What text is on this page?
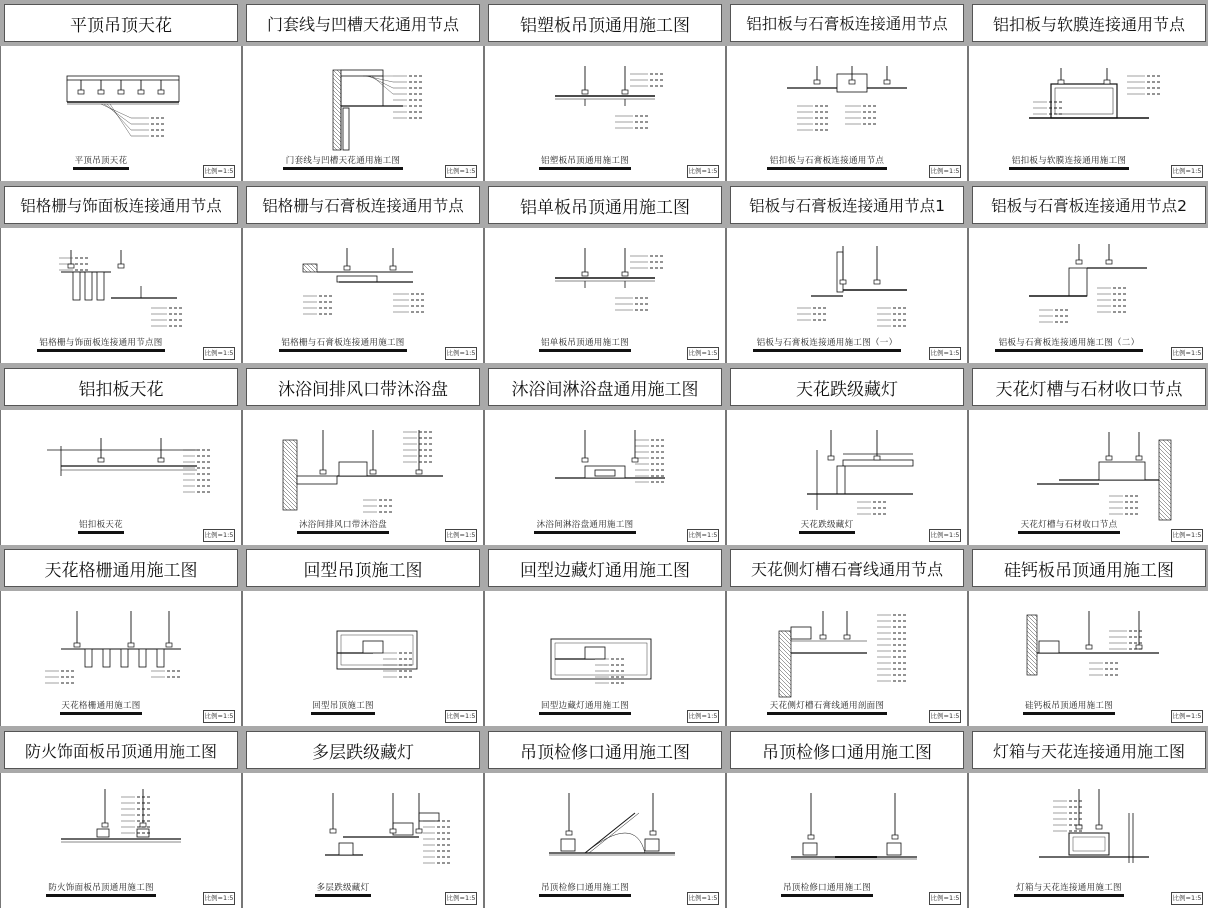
平顶吊顶天花
平顶吊顶天花
比例=1:5
门套线与凹槽天花通用节点
门套线与凹槽天花通用施工图
比例=1:5
铝塑板吊顶通用施工图
铝塑板吊顶通用施工图
比例=1:5
铝扣板与石膏板连接通用节点
铝扣板与石膏板连接通用节点
比例=1:5
铝扣板与软膜连接通用节点
铝扣板与软膜连接通用施工图
比例=1:5
铝格栅与饰面板连接通用节点
铝格栅与饰面板连接通用节点图
比例=1:5
铝格栅与石膏板连接通用节点
铝格栅与石膏板连接通用施工图
比例=1:5
铝单板吊顶通用施工图
铝单板吊顶通用施工图
比例=1:5
铝板与石膏板连接通用节点1
铝板与石膏板连接通用施工图（一）
比例=1:5
铝板与石膏板连接通用节点2
铝板与石膏板连接通用施工图（二）
比例=1:5
铝扣板天花
铝扣板天花
比例=1:5
沐浴间排风口带沐浴盘
沐浴间排风口带沐浴盘
比例=1:5
沐浴间淋浴盘通用施工图
沐浴间淋浴盘通用施工图
比例=1:5
天花跌级藏灯
天花跌级藏灯
比例=1:5
天花灯槽与石材收口节点
天花灯槽与石材收口节点
比例=1:5
天花格栅通用施工图
天花格栅通用施工图
比例=1:5
回型吊顶施工图
回型吊顶施工图
比例=1:5
回型边藏灯通用施工图
回型边藏灯通用施工图
比例=1:5
天花侧灯槽石膏线通用节点
天花侧灯槽石膏线通用剖面图
比例=1:5
硅钙板吊顶通用施工图
硅钙板吊顶通用施工图
比例=1:5
防火饰面板吊顶通用施工图
防火饰面板吊顶通用施工图
比例=1:5
多层跌级藏灯
多层跌级藏灯
比例=1:5
吊顶检修口通用施工图
吊顶检修口通用施工图
比例=1:5
吊顶检修口通用施工图
吊顶检修口通用施工图
比例=1:5
灯箱与天花连接通用施工图
灯箱与天花连接通用施工图
比例=1:5
